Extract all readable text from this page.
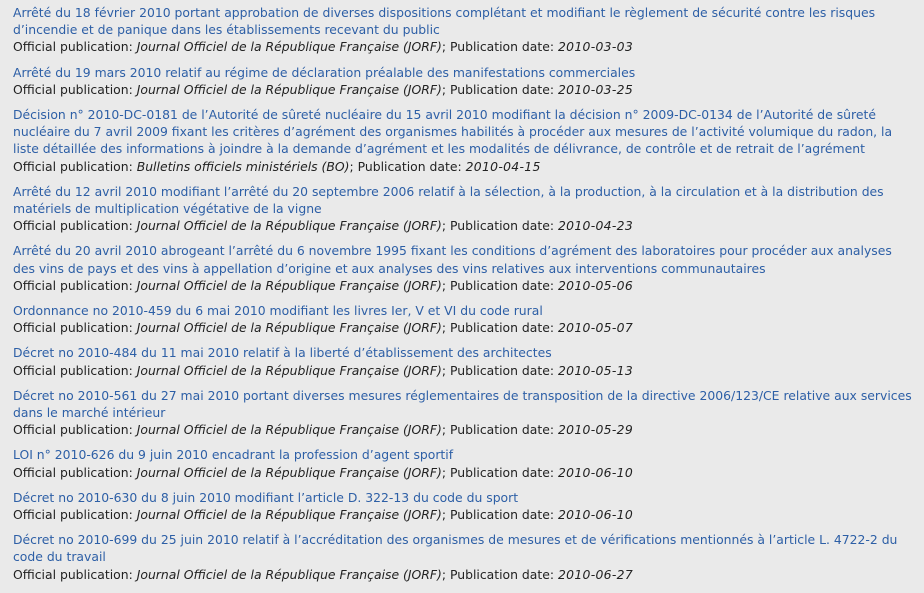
Arrêté du 18 février 2010 portant approbation de diverses dispositions complétant et modifiant le règlement de sécurité contre les risques d’incendie et de panique dans les établissements recevant du public
Official publication: Journal Officiel de la République Française (JORF); Publication date: 2010-03-03
Arrêté du 19 mars 2010 relatif au régime de déclaration préalable des manifestations commerciales
Official publication: Journal Officiel de la République Française (JORF); Publication date: 2010-03-25
Décision n° 2010-DC-0181 de l’Autorité de sûreté nucléaire du 15 avril 2010 modifiant la décision n° 2009-DC-0134 de l’Autorité de sûreté nucléaire du 7 avril 2009 fixant les critères d’agrément des organismes habilités à procéder aux mesures de l’activité volumique du radon, la liste détaillée des informations à joindre à la demande d’agrément et les modalités de délivrance, de contrôle et de retrait de l’agrément
Official publication: Bulletins officiels ministériels (BO); Publication date: 2010-04-15
Arrêté du 12 avril 2010 modifiant l’arrêté du 20 septembre 2006 relatif à la sélection, à la production, à la circulation et à la distribution des matériels de multiplication végétative de la vigne
Official publication: Journal Officiel de la République Française (JORF); Publication date: 2010-04-23
Arrêté du 20 avril 2010 abrogeant l’arrêté du 6 novembre 1995 fixant les conditions d’agrément des laboratoires pour procéder aux analyses des vins de pays et des vins à appellation d’origine et aux analyses des vins relatives aux interventions communautaires
Official publication: Journal Officiel de la République Française (JORF); Publication date: 2010-05-06
Ordonnance no 2010-459 du 6 mai 2010 modifiant les livres Ier, V et VI du code rural
Official publication: Journal Officiel de la République Française (JORF); Publication date: 2010-05-07
Décret no 2010-484 du 11 mai 2010 relatif à la liberté d’établissement des architectes
Official publication: Journal Officiel de la République Française (JORF); Publication date: 2010-05-13
Décret no 2010-561 du 27 mai 2010 portant diverses mesures réglementaires de transposition de la directive 2006/123/CE relative aux services dans le marché intérieur
Official publication: Journal Officiel de la République Française (JORF); Publication date: 2010-05-29
LOI n° 2010-626 du 9 juin 2010 encadrant la profession d’agent sportif
Official publication: Journal Officiel de la République Française (JORF); Publication date: 2010-06-10
Décret no 2010-630 du 8 juin 2010 modifiant l’article D. 322-13 du code du sport
Official publication: Journal Officiel de la République Française (JORF); Publication date: 2010-06-10
Décret no 2010-699 du 25 juin 2010 relatif à l’accréditation des organismes de mesures et de vérifications mentionnés à l’article L. 4722-2 du code du travail
Official publication: Journal Officiel de la République Française (JORF); Publication date: 2010-06-27
